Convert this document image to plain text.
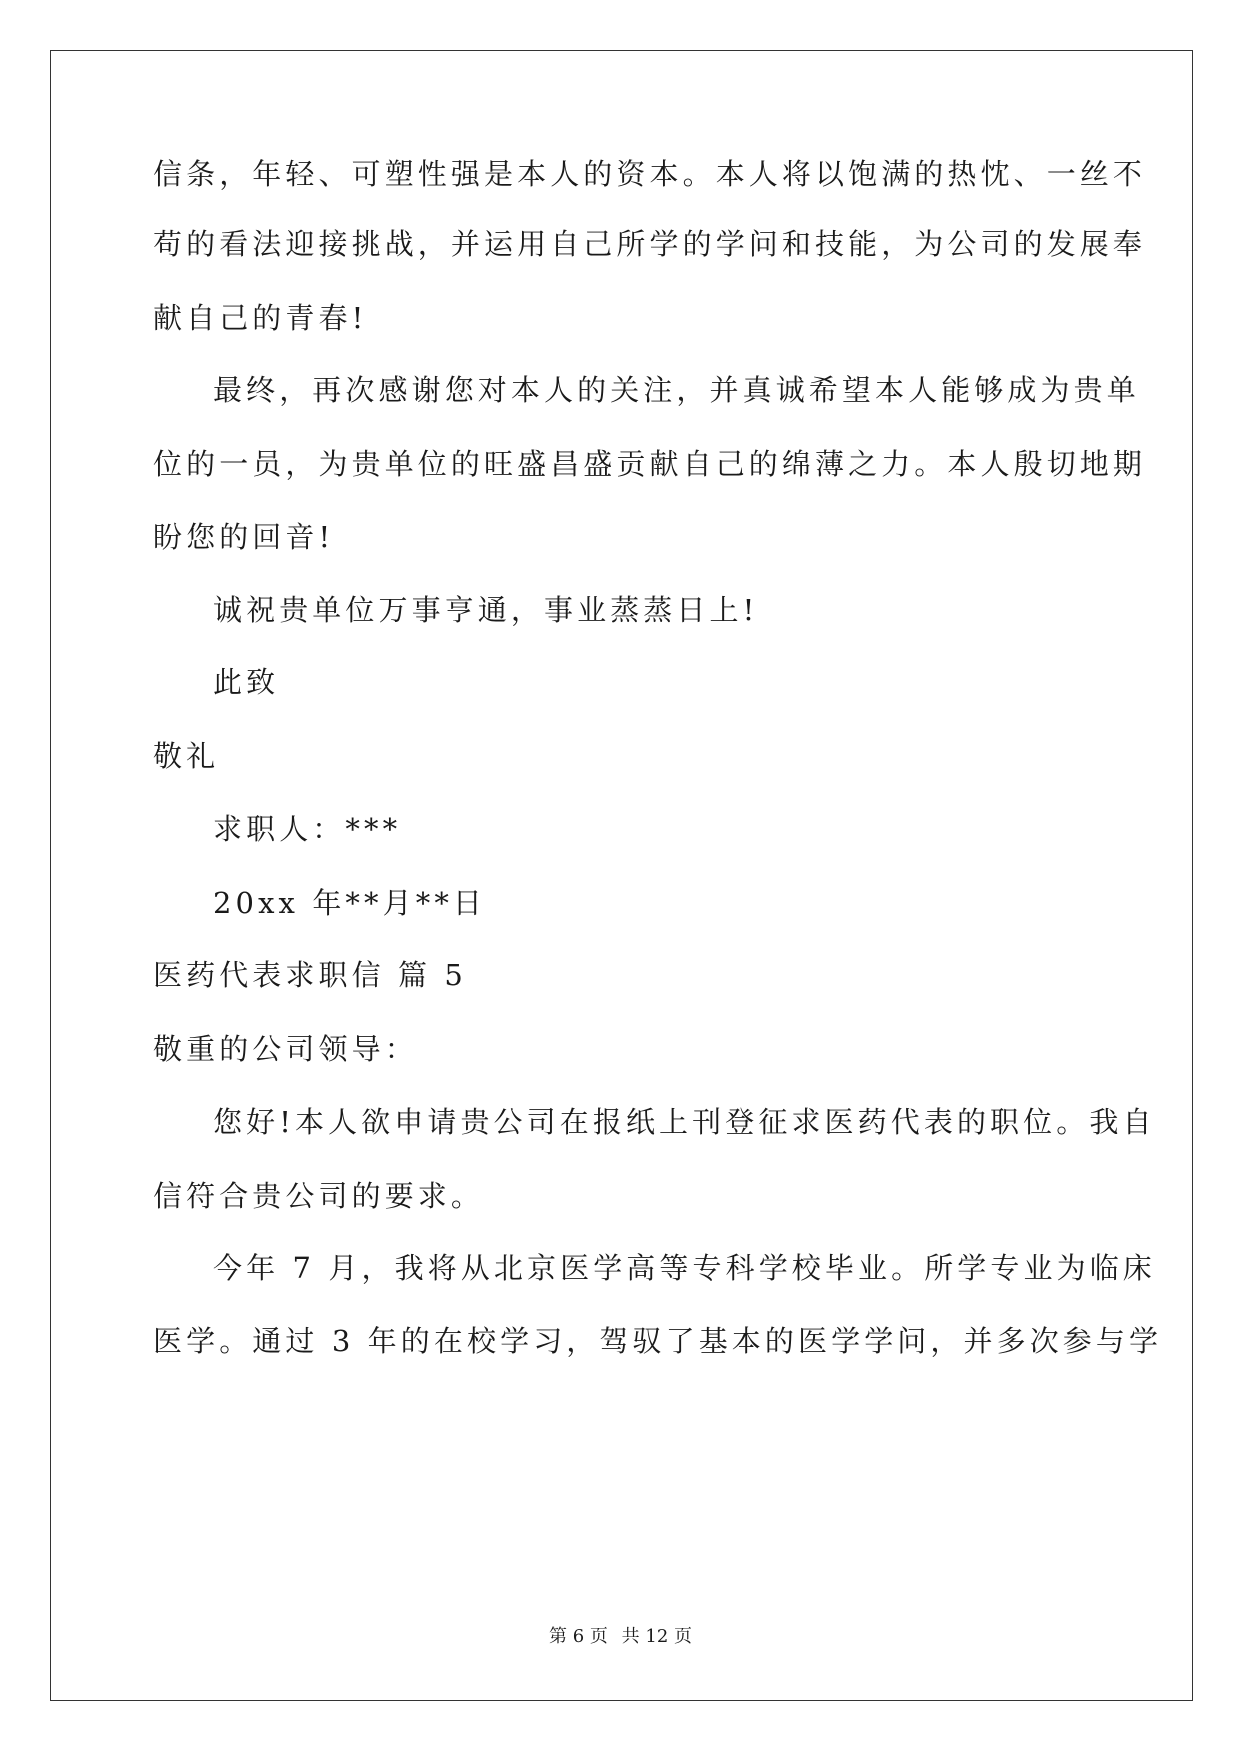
信条，年轻、可塑性强是本人的资本。本人将以饱满的热忱、一丝不
苟的看法迎接挑战，并运用自己所学的学问和技能，为公司的发展奉
献自己的青春!
最终，再次感谢您对本人的关注，并真诚希望本人能够成为贵单
位的一员，为贵单位的旺盛昌盛贡献自己的绵薄之力。本人殷切地期
盼您的回音!
诚祝贵单位万事亨通，事业蒸蒸日上!
此致
敬礼
求职人：***
20xx 年**月**日
医药代表求职信 篇 5
敬重的公司领导：
您好!本人欲申请贵公司在报纸上刊登征求医药代表的职位。我自
信符合贵公司的要求。
今年 7 月，我将从北京医学高等专科学校毕业。所学专业为临床
医学。通过 3 年的在校学习，驾驭了基本的医学学问，并多次参与学
第 6 页 共 12 页
